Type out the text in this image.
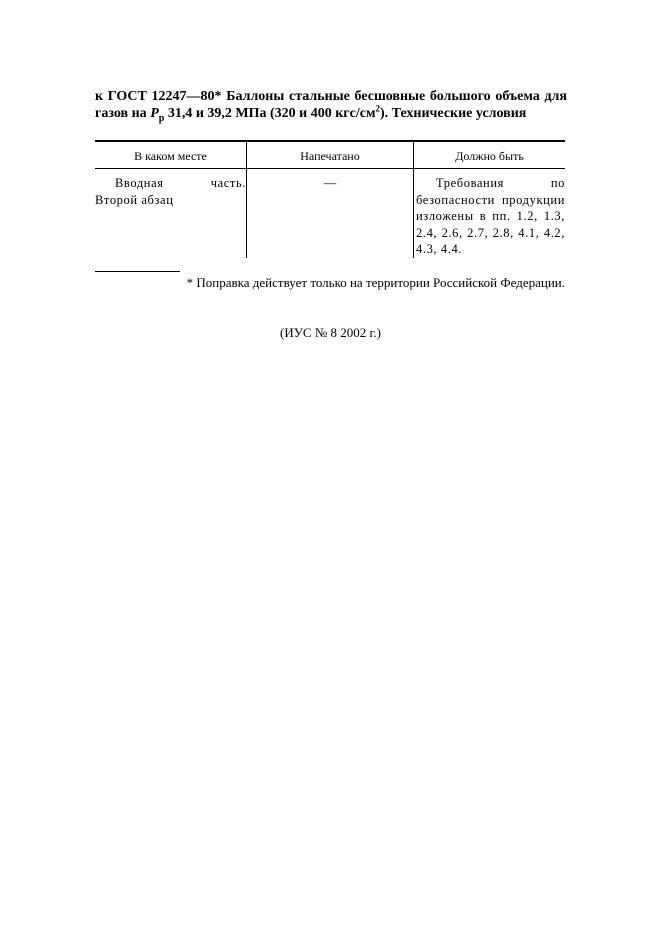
к ГОСТ 12247—80* Баллоны стальные бесшовные большого объема для
газов на $P_р$ 31,4 и 39,2 МПа (320 и 400 кгс/$см^2$). Технические условия
В каком месте	Напечатано	Должно быть

Вводная часть. Второй абзац	—	Требования по безопасности продукции изложены в пп. 1.2, 1.3, 2.4, 2.6, 2.7, 2.8, 4.1, 4.2, 4.3, 4.4.
* Поправка действует только на территории Российской Федерации.
(ИУС № 8 2002 г.)
